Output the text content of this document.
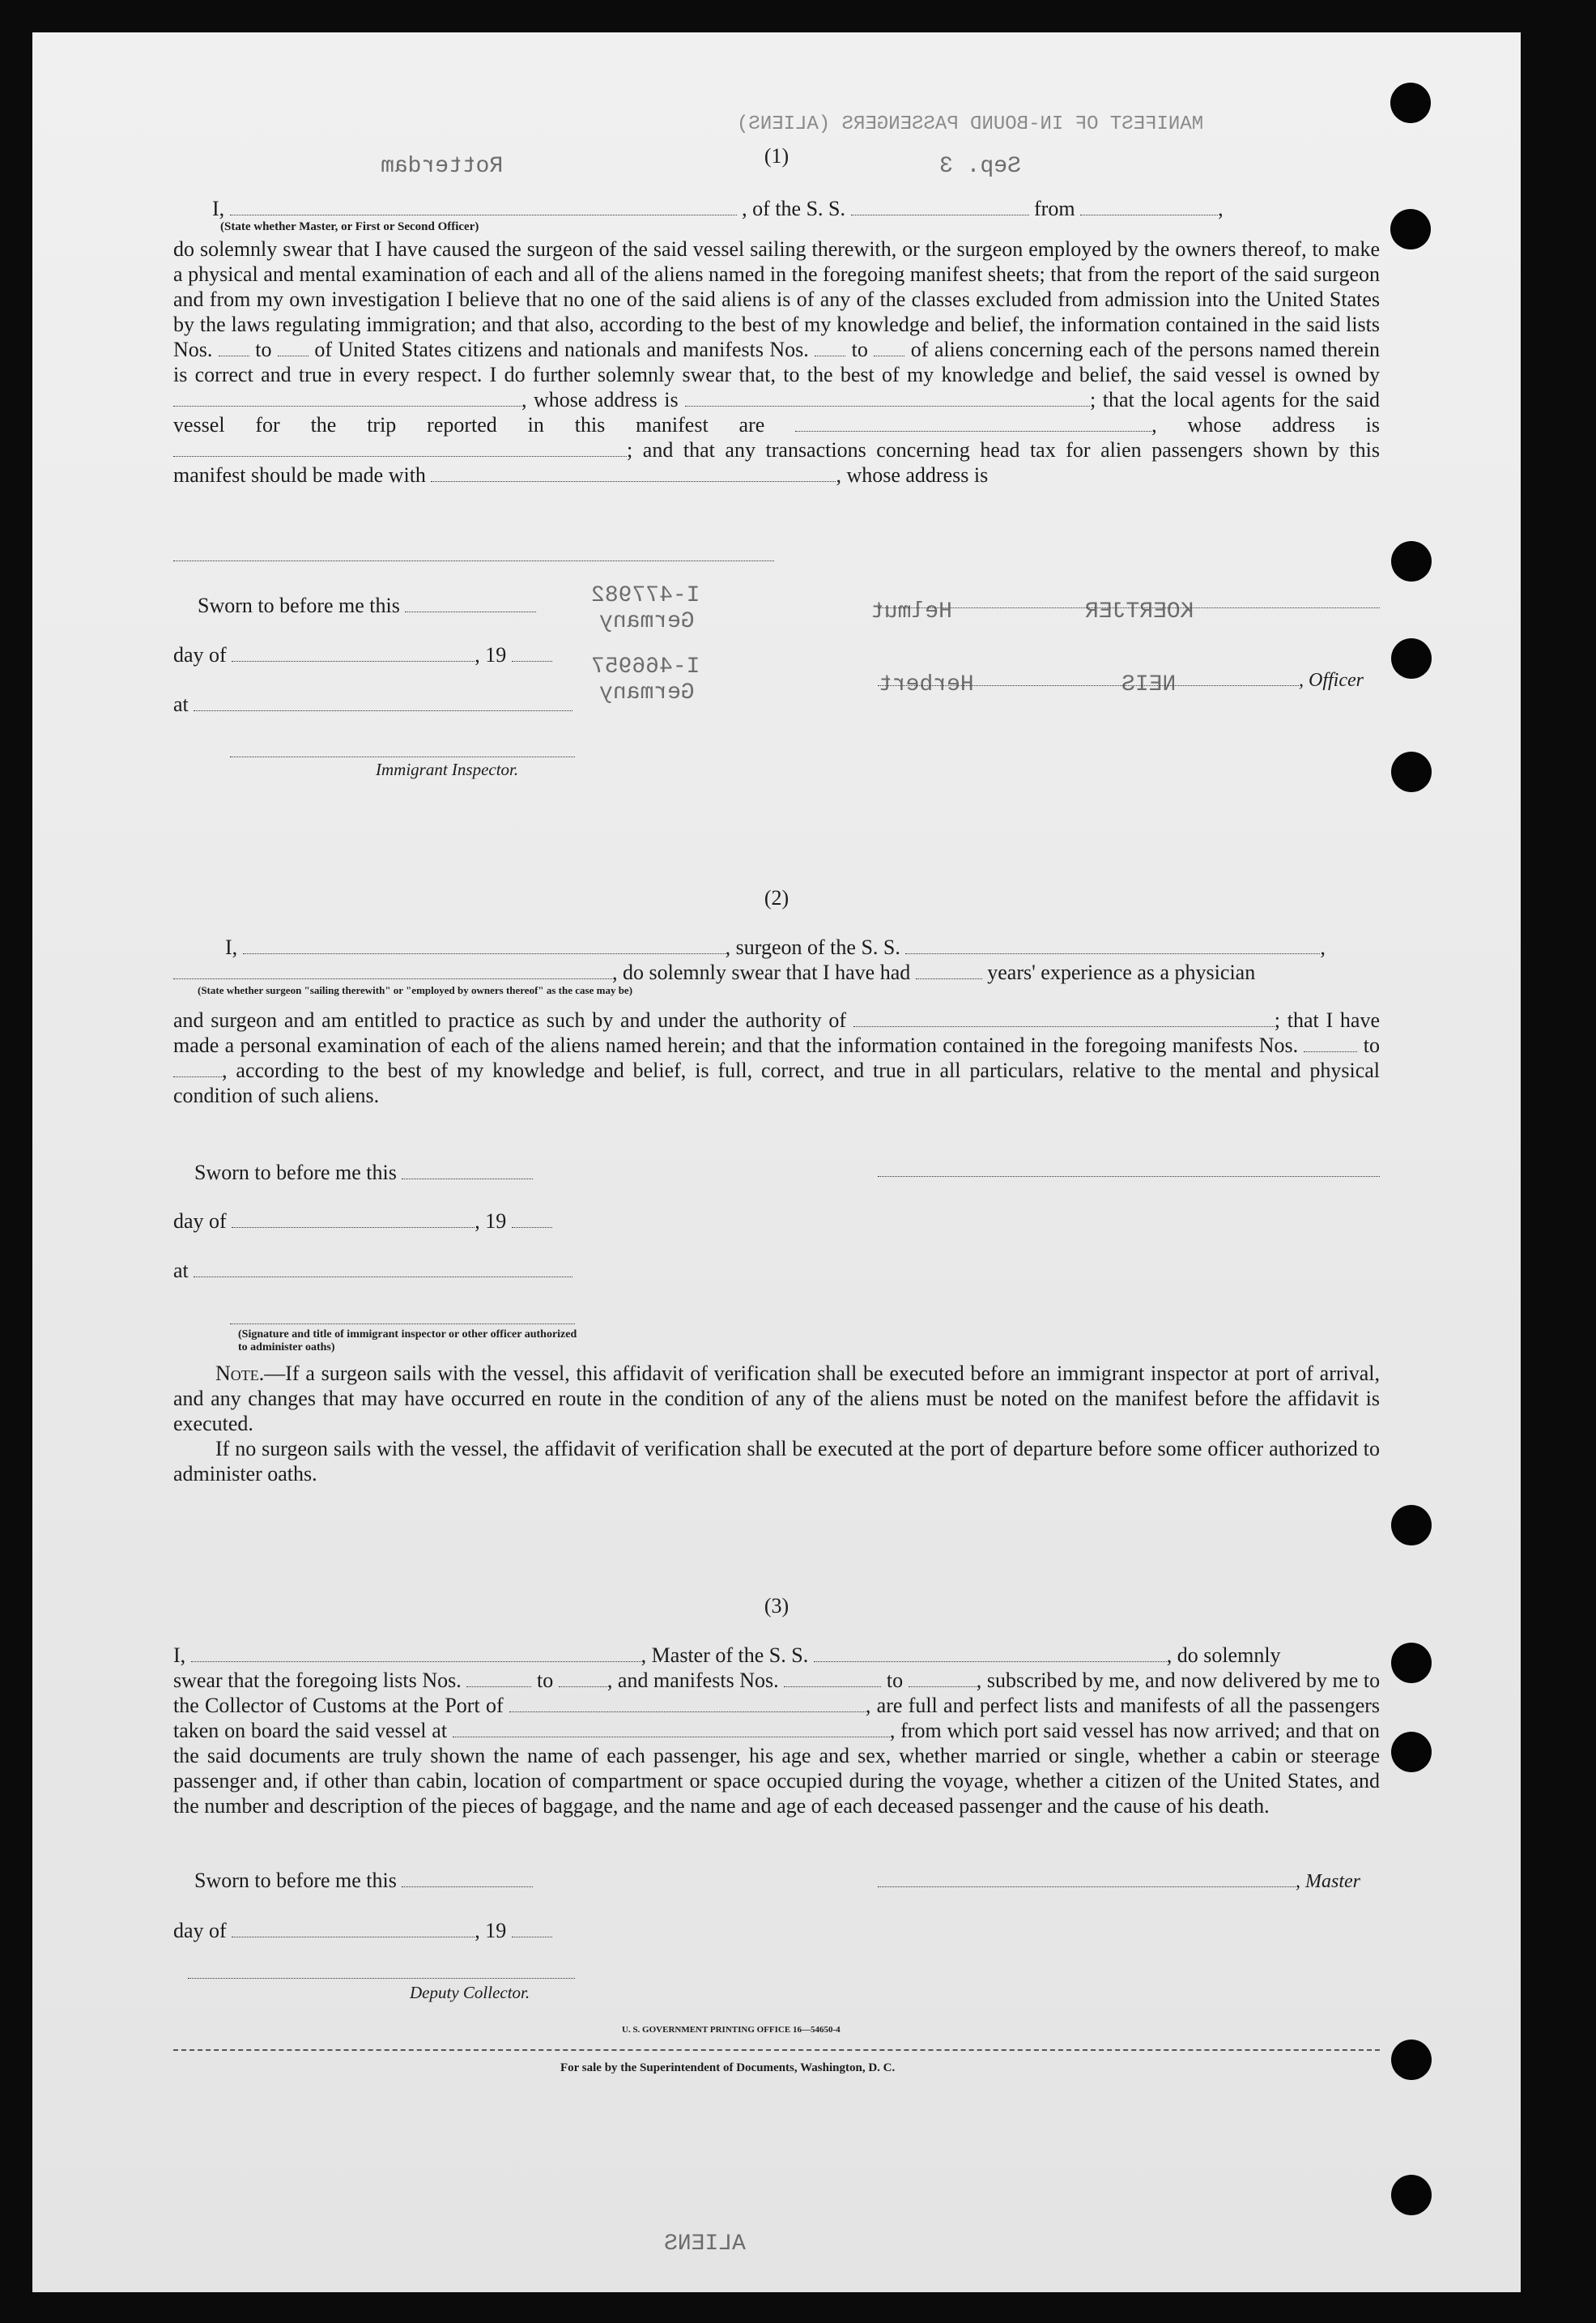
MANIFEST OF IN-BOUND PASSENGERS (ALIENS)
Rotterdam	Sep. 3
I-477982
Germany	Helmut	KOERTJER
I-466957
Germany	Herbert	NEIS
ALIENS
(1)
I,	, of the S. S.	from	,
(State whether Master, or First or Second Officer)

do solemnly swear that I have caused the surgeon of the said vessel sailing therewith, or the surgeon employed by the owners thereof, to make a physical and mental examination of each and all of the aliens named in the foregoing manifest sheets; that from the report of the said surgeon and from my own investigation I believe that no one of the said aliens is of any of the classes excluded from admission into the United States by the laws regulating immigration; and that also, according to the best of my knowledge and belief, the information contained in the said lists Nos. to of United States citizens and nationals and manifests Nos. to of aliens concerning each of the persons named therein is correct and true in every respect. I do further solemnly swear that, to the best of my knowledge and belief, the said vessel is owned by , whose address is	; that the local agents for the said vessel for the trip reported in this manifest are	, whose address is ; and that any transactions concerning head tax for alien passengers shown by this manifest should be made with	, whose address is

Sworn to before me this
day of	, 19
, Officer
at
Immigrant Inspector.
(2)
I,	, surgeon of the S. S.	,
, do solemnly swear that I have had	years' experience as a physician
(State whether surgeon "sailing therewith" or "employed by owners thereof" as the case may be)

and surgeon and am entitled to practice as such by and under the authority of	; that I have made a personal examination of each of the aliens named herein; and that the information contained in the foregoing manifests Nos.	to, according to the best of my knowledge and belief, is full, correct, and true in all particulars, relative to the mental and physical condition of such aliens.

Sworn to before me this
day of	, 19
at
(Signature and title of immigrant inspector or other officer authorized to administer oaths)

Note.—If a surgeon sails with the vessel, this affidavit of verification shall be executed before an immigrant inspector at port of arrival, and any changes that may have occurred en route in the condition of any of the aliens must be noted on the manifest before the affidavit is executed.

If no surgeon sails with the vessel, the affidavit of verification shall be executed at the port of departure before some officer authorized to administer oaths.

(3)
I,	, Master of the S. S.	, do solemnly

swear that the foregoing lists Nos.	to	, and manifests Nos.	to	, subscribed by me, and now delivered by me to the Collector of Customs at the Port of	, are full and perfect lists and manifests of all the passengers taken on board the said vessel at	, from which port said vessel has now arrived; and that on the said documents are truly shown the name of each passenger, his age and sex, whether married or single, whether a cabin or steerage passenger and, if other than cabin, location of compartment or space occupied during the voyage, whether a citizen of the United States, and the number and description of the pieces of baggage, and the name and age of each deceased passenger and the cause of his death.

Sworn to before me this	, Master
day of	, 19
Deputy Collector.
U. S. GOVERNMENT PRINTING OFFICE 16—54650-4
For sale by the Superintendent of Documents, Washington, D. C.
